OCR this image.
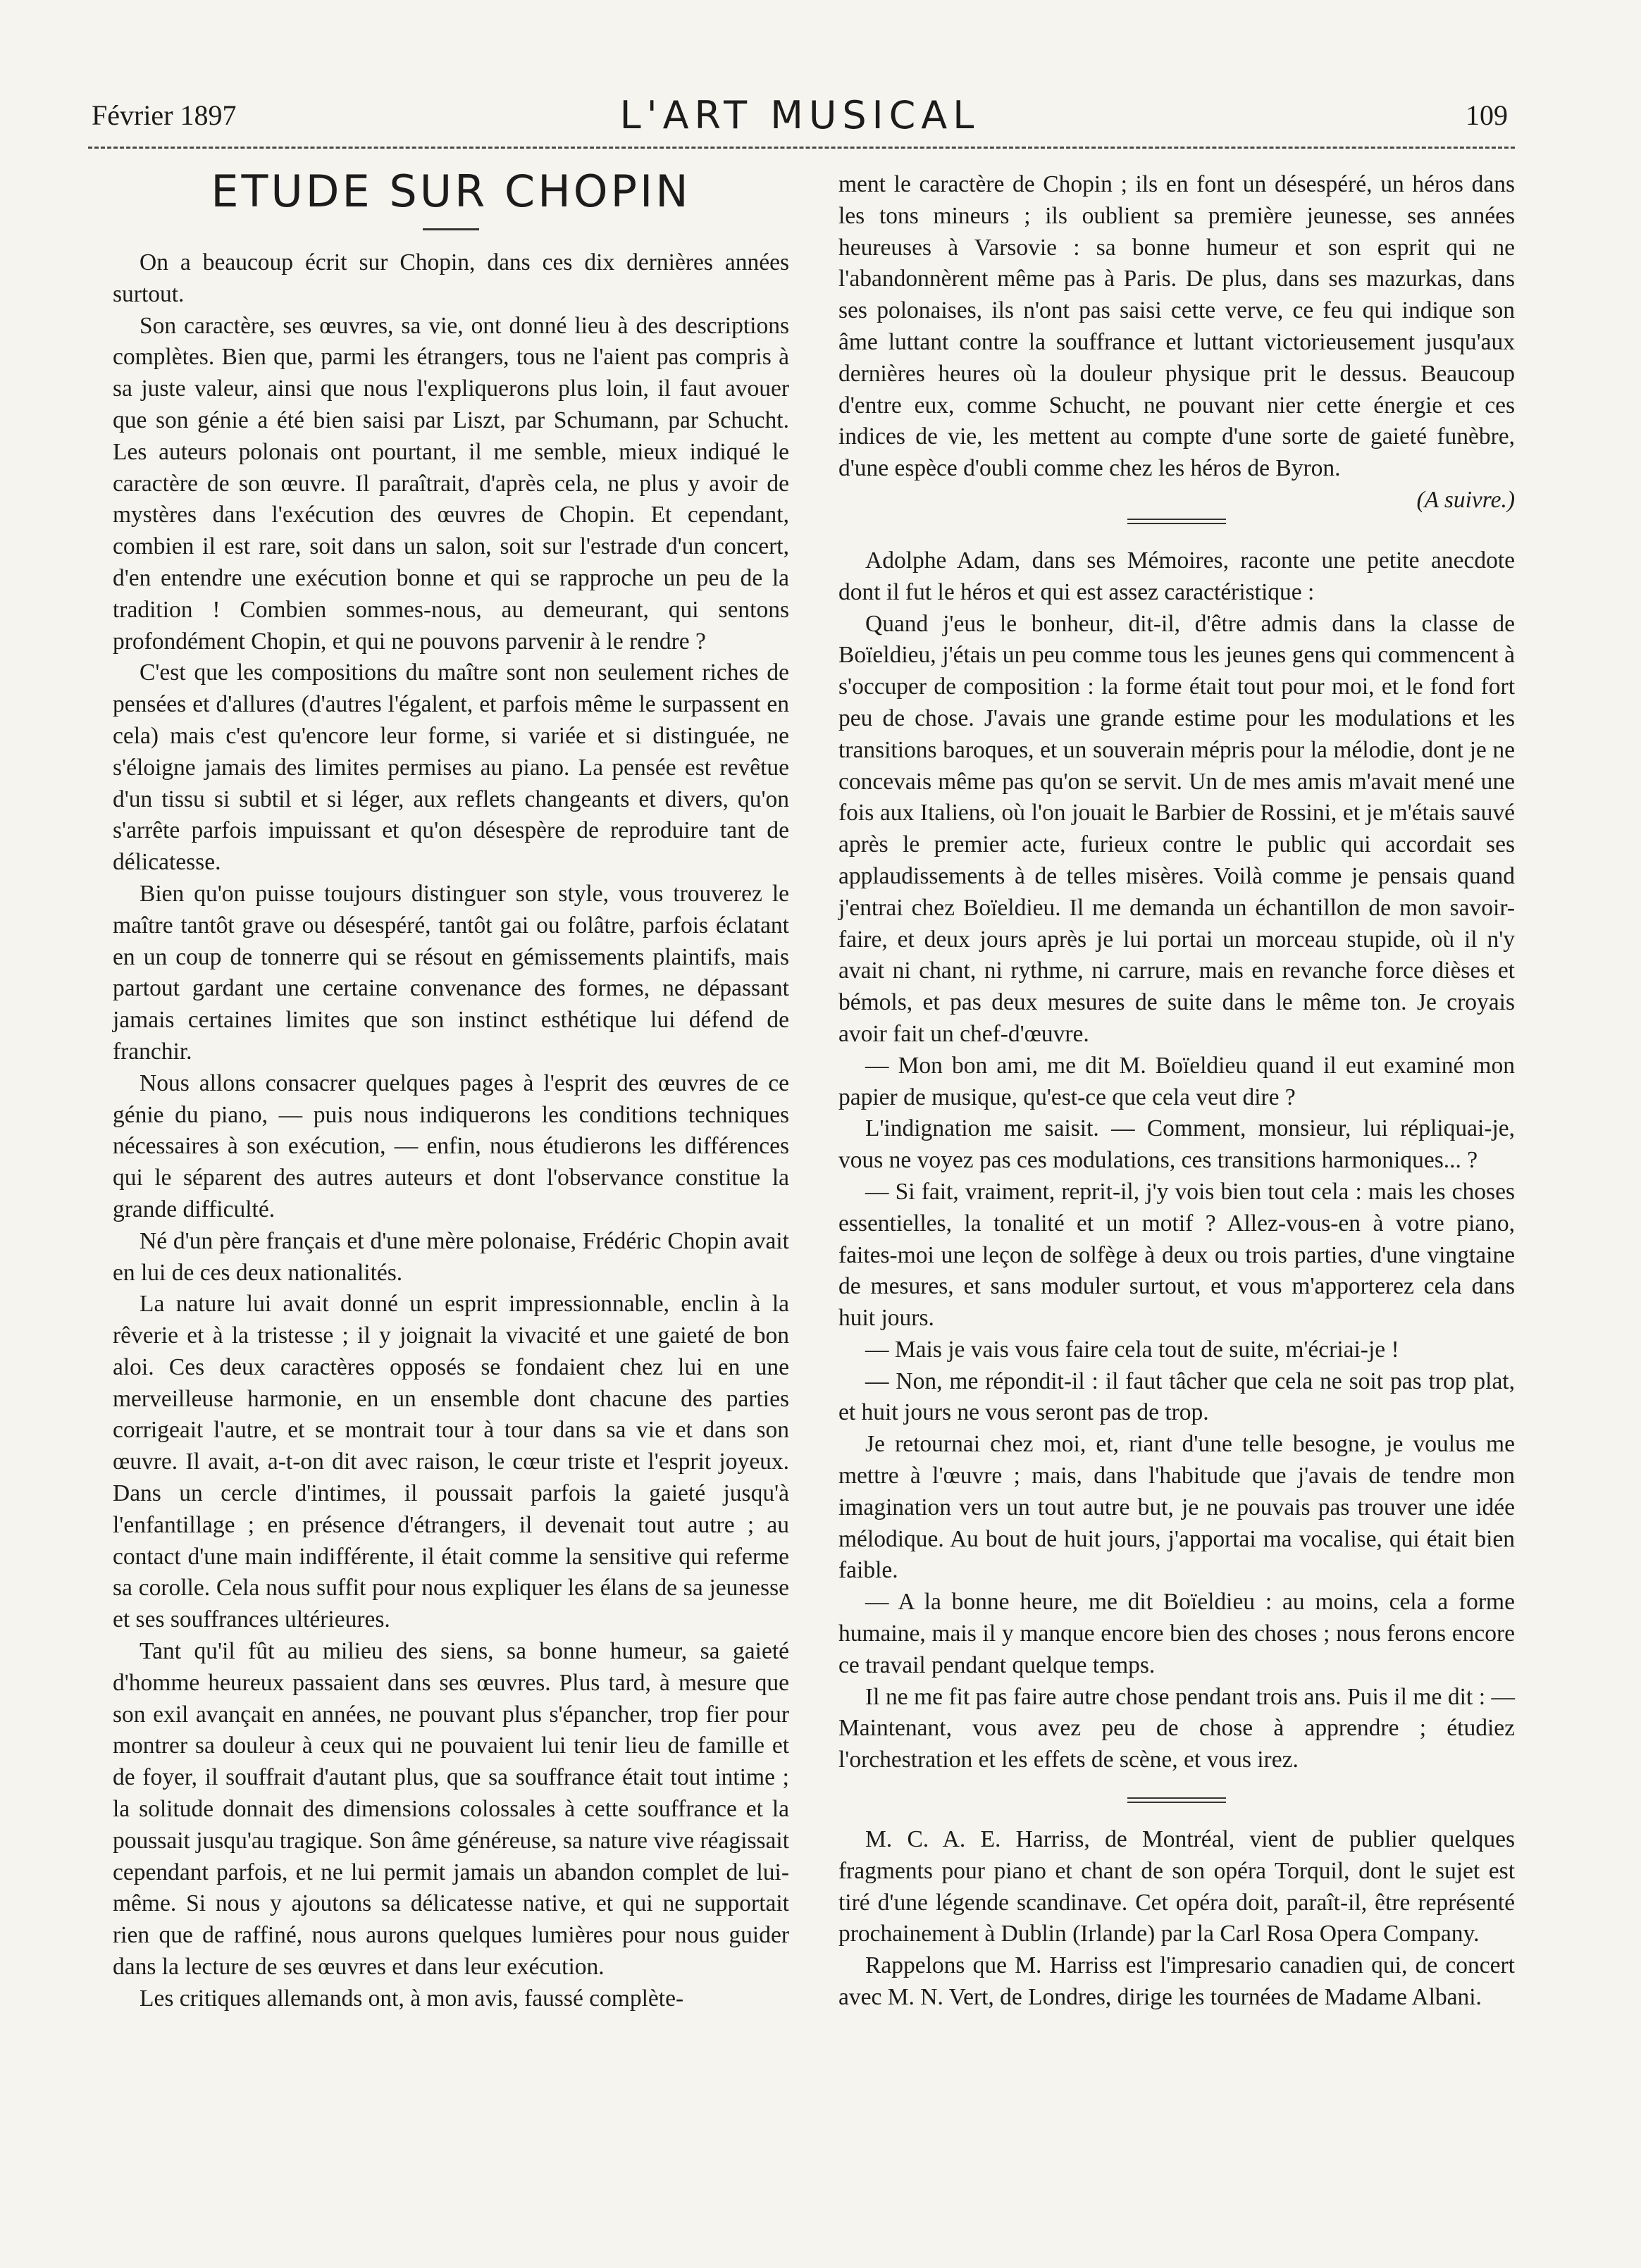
Février 1897	L'ART MUSICAL	109
ETUDE SUR CHOPIN

On a beaucoup écrit sur Chopin, dans ces dix dernières années surtout.

Son caractère, ses œuvres, sa vie, ont donné lieu à des descriptions complètes. Bien que, parmi les étrangers, tous ne l'aient pas compris à sa juste valeur, ainsi que nous l'expliquerons plus loin, il faut avouer que son génie a été bien saisi par Liszt, par Schumann, par Schucht. Les auteurs polonais ont pourtant, il me semble, mieux indiqué le caractère de son œuvre. Il paraîtrait, d'après cela, ne plus y avoir de mystères dans l'exécution des œuvres de Chopin. Et cependant, combien il est rare, soit dans un salon, soit sur l'estrade d'un concert, d'en entendre une exécution bonne et qui se rapproche un peu de la tradition ! Combien sommes-nous, au demeurant, qui sentons profondément Chopin, et qui ne pouvons parvenir à le rendre ?

C'est que les compositions du maître sont non seulement riches de pensées et d'allures (d'autres l'égalent, et parfois même le surpassent en cela) mais c'est qu'encore leur forme, si variée et si distinguée, ne s'éloigne jamais des limites permises au piano. La pensée est revêtue d'un tissu si subtil et si léger, aux reflets changeants et divers, qu'on s'arrête parfois impuissant et qu'on désespère de reproduire tant de délicatesse.

Bien qu'on puisse toujours distinguer son style, vous trouverez le maître tantôt grave ou désespéré, tantôt gai ou folâtre, parfois éclatant en un coup de tonnerre qui se résout en gémissements plaintifs, mais partout gardant une certaine convenance des formes, ne dépassant jamais certaines limites que son instinct esthétique lui défend de franchir.

Nous allons consacrer quelques pages à l'esprit des œuvres de ce génie du piano, — puis nous indiquerons les conditions techniques nécessaires à son exécution, — enfin, nous étudierons les différences qui le séparent des autres auteurs et dont l'observance constitue la grande difficulté.

Né d'un père français et d'une mère polonaise, Frédéric Chopin avait en lui de ces deux nationalités.

La nature lui avait donné un esprit impressionnable, enclin à la rêverie et à la tristesse ; il y joignait la vivacité et une gaieté de bon aloi. Ces deux caractères opposés se fondaient chez lui en une merveilleuse harmonie, en un ensemble dont chacune des parties corrigeait l'autre, et se montrait tour à tour dans sa vie et dans son œuvre. Il avait, a-t-on dit avec raison, le cœur triste et l'esprit joyeux. Dans un cercle d'intimes, il poussait parfois la gaieté jusqu'à l'enfantillage ; en présence d'étrangers, il devenait tout autre ; au contact d'une main indifférente, il était comme la sensitive qui referme sa corolle. Cela nous suffit pour nous expliquer les élans de sa jeunesse et ses souffrances ultérieures.

Tant qu'il fût au milieu des siens, sa bonne humeur, sa gaieté d'homme heureux passaient dans ses œuvres. Plus tard, à mesure que son exil avançait en années, ne pouvant plus s'épancher, trop fier pour montrer sa douleur à ceux qui ne pouvaient lui tenir lieu de famille et de foyer, il souffrait d'autant plus, que sa souffrance était tout intime ; la solitude donnait des dimensions colossales à cette souffrance et la poussait jusqu'au tragique. Son âme généreuse, sa nature vive réagissait cependant parfois, et ne lui permit jamais un abandon complet de lui-même. Si nous y ajoutons sa délicatesse native, et qui ne supportait rien que de raffiné, nous aurons quelques lumières pour nous guider dans la lecture de ses œuvres et dans leur exécution.

Les critiques allemands ont, à mon avis, faussé complète-

ment le caractère de Chopin ; ils en font un désespéré, un héros dans les tons mineurs ; ils oublient sa première jeunesse, ses années heureuses à Varsovie : sa bonne humeur et son esprit qui ne l'abandonnèrent même pas à Paris. De plus, dans ses mazurkas, dans ses polonaises, ils n'ont pas saisi cette verve, ce feu qui indique son âme luttant contre la souffrance et luttant victorieusement jusqu'aux dernières heures où la douleur physique prit le dessus. Beaucoup d'entre eux, comme Schucht, ne pouvant nier cette énergie et ces indices de vie, les mettent au compte d'une sorte de gaieté funèbre, d'une espèce d'oubli comme chez les héros de Byron.

(A suivre.)

Adolphe Adam, dans ses Mémoires, raconte une petite anecdote dont il fut le héros et qui est assez caractéristique :

Quand j'eus le bonheur, dit-il, d'être admis dans la classe de Boïeldieu, j'étais un peu comme tous les jeunes gens qui commencent à s'occuper de composition : la forme était tout pour moi, et le fond fort peu de chose. J'avais une grande estime pour les modulations et les transitions baroques, et un souverain mépris pour la mélodie, dont je ne concevais même pas qu'on se servit. Un de mes amis m'avait mené une fois aux Italiens, où l'on jouait le Barbier de Rossini, et je m'étais sauvé après le premier acte, furieux contre le public qui accordait ses applaudissements à de telles misères. Voilà comme je pensais quand j'entrai chez Boïeldieu. Il me demanda un échantillon de mon savoir-faire, et deux jours après je lui portai un morceau stupide, où il n'y avait ni chant, ni rythme, ni carrure, mais en revanche force dièses et bémols, et pas deux mesures de suite dans le même ton. Je croyais avoir fait un chef-d'œuvre.

— Mon bon ami, me dit M. Boïeldieu quand il eut examiné mon papier de musique, qu'est-ce que cela veut dire ?

L'indignation me saisit. — Comment, monsieur, lui répliquai-je, vous ne voyez pas ces modulations, ces transitions harmoniques... ?

— Si fait, vraiment, reprit-il, j'y vois bien tout cela : mais les choses essentielles, la tonalité et un motif ? Allez-vous-en à votre piano, faites-moi une leçon de solfège à deux ou trois parties, d'une vingtaine de mesures, et sans moduler surtout, et vous m'apporterez cela dans huit jours.

— Mais je vais vous faire cela tout de suite, m'écriai-je !

— Non, me répondit-il : il faut tâcher que cela ne soit pas trop plat, et huit jours ne vous seront pas de trop.

Je retournai chez moi, et, riant d'une telle besogne, je voulus me mettre à l'œuvre ; mais, dans l'habitude que j'avais de tendre mon imagination vers un tout autre but, je ne pouvais pas trouver une idée mélodique. Au bout de huit jours, j'apportai ma vocalise, qui était bien faible.

— A la bonne heure, me dit Boïeldieu : au moins, cela a forme humaine, mais il y manque encore bien des choses ; nous ferons encore ce travail pendant quelque temps.

Il ne me fit pas faire autre chose pendant trois ans. Puis il me dit : — Maintenant, vous avez peu de chose à apprendre ; étudiez l'orchestration et les effets de scène, et vous irez.

M. C. A. E. Harriss, de Montréal, vient de publier quelques fragments pour piano et chant de son opéra Torquil, dont le sujet est tiré d'une légende scandinave. Cet opéra doit, paraît-il, être représenté prochainement à Dublin (Irlande) par la Carl Rosa Opera Company.

Rappelons que M. Harriss est l'impresario canadien qui, de concert avec M. N. Vert, de Londres, dirige les tournées de Madame Albani.
